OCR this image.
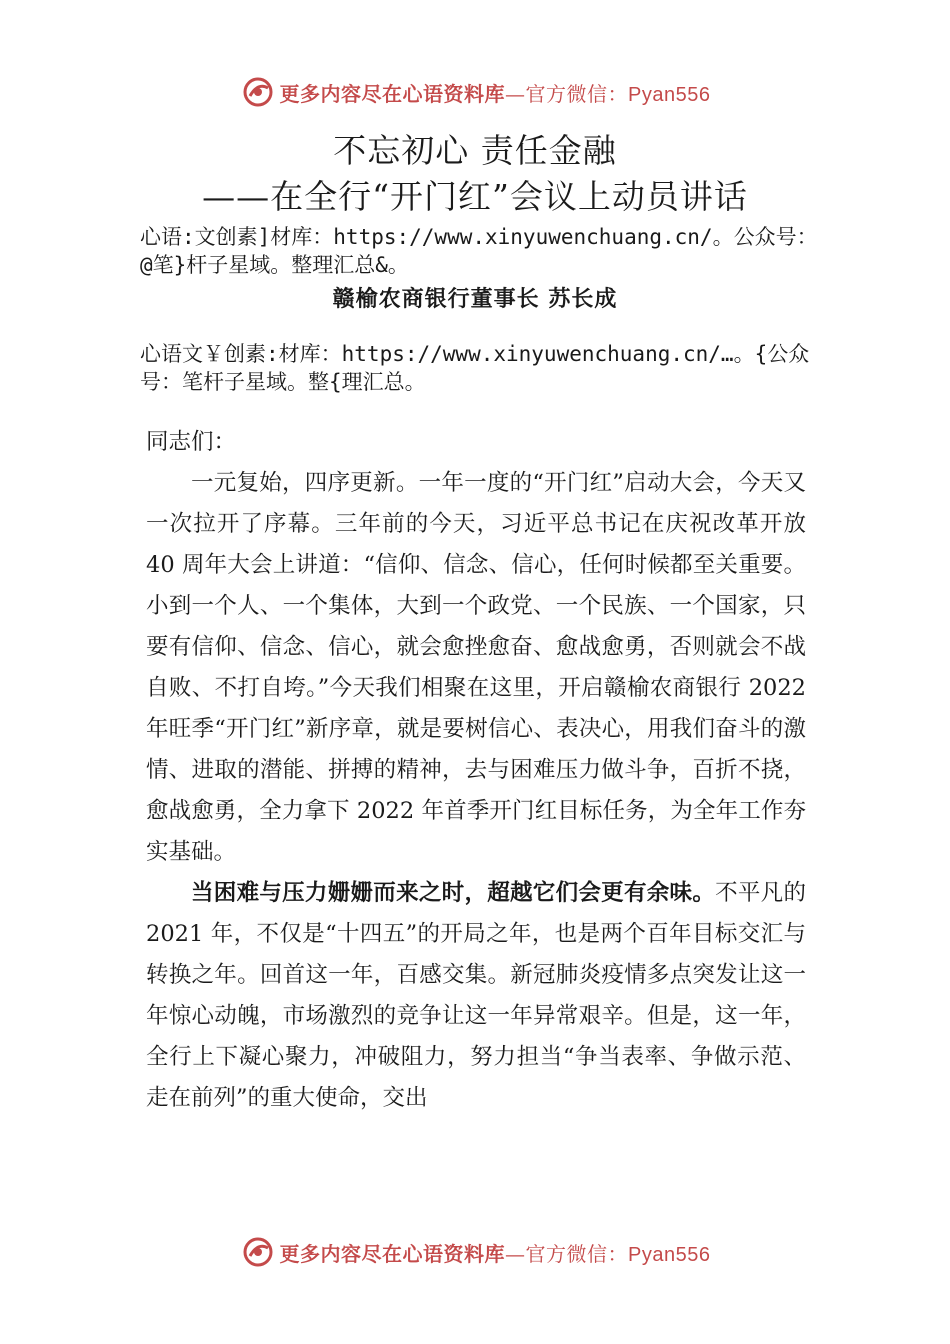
更多内容尽在心语资料库—官方微信：Pyan556
不忘初心 责任金融
——在全行“开门红”会议上动员讲话
心语:文创素]材库：https://www.xinyuwenchuang.cn/。公众号：@笔}杆子星域。整理汇总&。
赣榆农商银行董事长 苏长成
心语文￥创素:材库：https://www.xinyuwenchuang.cn/…。{公众号：笔杆子星域。整{理汇总。

同志们：

一元复始，四序更新。一年一度的“开门红”启动大会，今天又一次拉开了序幕。三年前的今天，习近平总书记在庆祝改革开放 40 周年大会上讲道：“信仰、信念、信心，任何时候都至关重要。小到一个人、一个集体，大到一个政党、一个民族、一个国家，只要有信仰、信念、信心，就会愈挫愈奋、愈战愈勇，否则就会不战自败、不打自垮。”今天我们相聚在这里，开启赣榆农商银行 2022 年旺季“开门红”新序章，就是要树信心、表决心，用我们奋斗的激情、进取的潜能、拼搏的精神，去与困难压力做斗争，百折不挠，愈战愈勇，全力拿下 2022 年首季开门红目标任务，为全年工作夯实基础。

当困难与压力姗姗而来之时，超越它们会更有余味。不平凡的 2021 年，不仅是“十四五”的开局之年，也是两个百年目标交汇与转换之年。回首这一年，百感交集。新冠肺炎疫情多点突发让这一年惊心动魄，市场激烈的竞争让这一年异常艰辛。但是，这一年，全行上下凝心聚力，冲破阻力，努力担当“争当表率、争做示范、走在前列”的重大使命，交出

更多内容尽在心语资料库—官方微信：Pyan556
